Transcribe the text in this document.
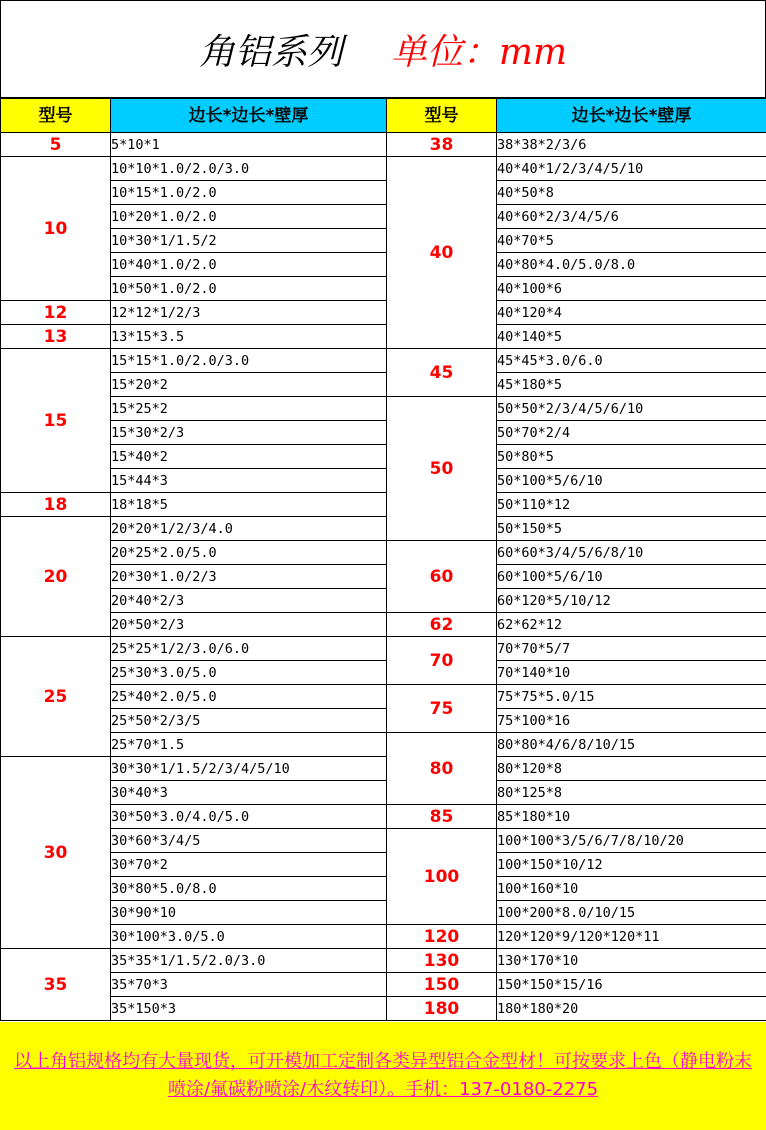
角铝系列 单位：mm
型号	边长*边长*壁厚	型号	边长*边长*壁厚
5	5*10*1	38	38*38*2/3/6
10	10*10*1.0/2.0/3.0	40	40*40*1/2/3/4/5/10
	10*15*1.0/2.0		40*50*8
	10*20*1.0/2.0		40*60*2/3/4/5/6
	10*30*1/1.5/2		40*70*5
	10*40*1.0/2.0		40*80*4.0/5.0/8.0
	10*50*1.0/2.0		40*100*6
12	12*12*1/2/3		40*120*4
13	13*15*3.5		40*140*5
15	15*15*1.0/2.0/3.0	45	45*45*3.0/6.0
	15*20*2		45*180*5
	15*25*2	50	50*50*2/3/4/5/6/10
	15*30*2/3		50*70*2/4
	15*40*2		50*80*5
	15*44*3		50*100*5/6/10
18	18*18*5		50*110*12
20	20*20*1/2/3/4.0		50*150*5
	20*25*2.0/5.0	60	60*60*3/4/5/6/8/10
	20*30*1.0/2/3		60*100*5/6/10
	20*40*2/3		60*120*5/10/12
	20*50*2/3	62	62*62*12
25	25*25*1/2/3.0/6.0	70	70*70*5/7
	25*30*3.0/5.0		70*140*10
	25*40*2.0/5.0	75	75*75*5.0/15
	25*50*2/3/5		75*100*16
	25*70*1.5	80	80*80*4/6/8/10/15
30	30*30*1/1.5/2/3/4/5/10		80*120*8
	30*40*3		80*125*8
	30*50*3.0/4.0/5.0	85	85*180*10
	30*60*3/4/5	100	100*100*3/5/6/7/8/10/20
	30*70*2		100*150*10/12
	30*80*5.0/8.0		100*160*10
	30*90*10		100*200*8.0/10/15
	30*100*3.0/5.0	120	120*120*9/120*120*11
35	35*35*1/1.5/2.0/3.0	130	130*170*10
	35*70*3	150	150*150*15/16
	35*150*3	180	180*180*20
以上角铝规格均有大量现货，可开模加工定制各类异型铝合金型材！可按要求上色（静电粉末喷涂/氟碳粉喷涂/木纹转印）。手机：137-0180-2275
